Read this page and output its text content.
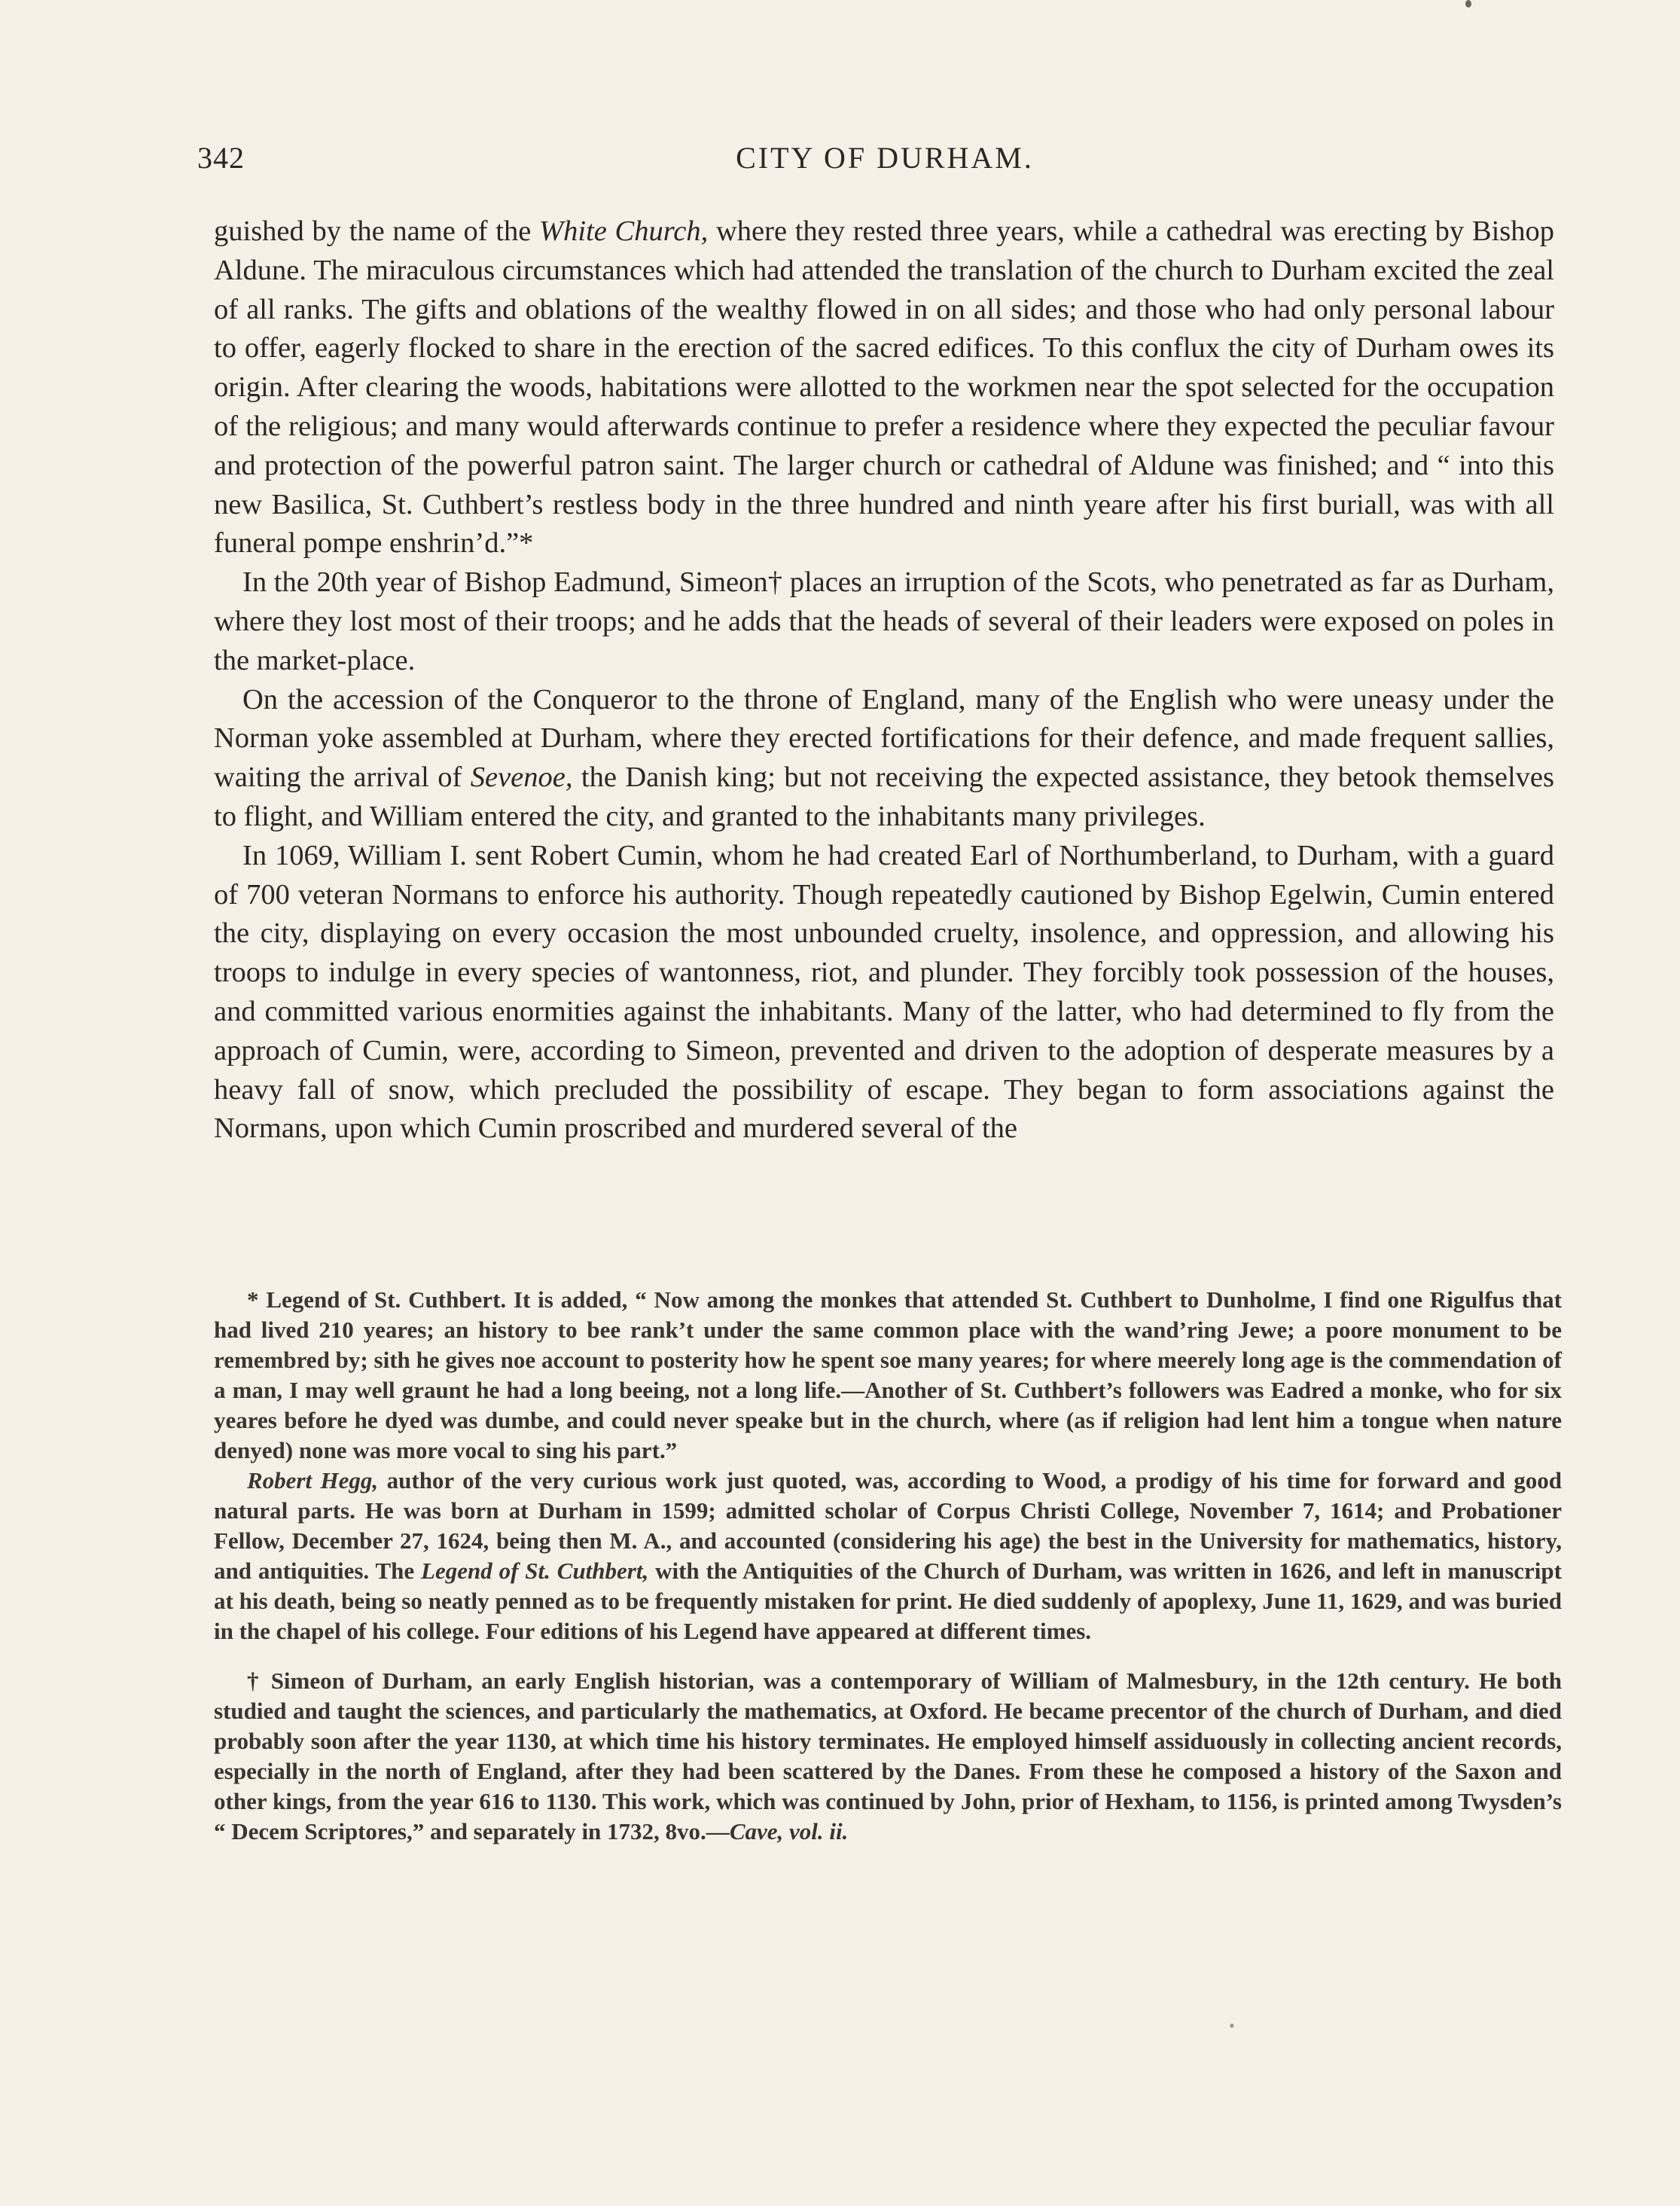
342	CITY OF DURHAM.

guished by the name of the White Church, where they rested three years, while a cathedral was erecting by Bishop Aldune. The miraculous circumstances which had attended the translation of the church to Durham excited the zeal of all ranks. The gifts and oblations of the wealthy flowed in on all sides; and those who had only personal labour to offer, eagerly flocked to share in the erection of the sacred edifices. To this conflux the city of Durham owes its origin. After clearing the woods, habitations were allotted to the workmen near the spot selected for the occupation of the religious; and many would afterwards continue to prefer a residence where they expected the peculiar favour and protection of the powerful patron saint. The larger church or cathedral of Aldune was finished; and “ into this new Basilica, St. Cuthbert’s restless body in the three hundred and ninth yeare after his first buriall, was with all funeral pompe enshrin’d.”*

In the 20th year of Bishop Eadmund, Simeon† places an irruption of the Scots, who penetrated as far as Durham, where they lost most of their troops; and he adds that the heads of several of their leaders were exposed on poles in the market-place.

On the accession of the Conqueror to the throne of England, many of the English who were uneasy under the Norman yoke assembled at Durham, where they erected fortifications for their defence, and made frequent sallies, waiting the arrival of Sevenoe, the Danish king; but not receiving the expected assistance, they betook themselves to flight, and William entered the city, and granted to the inhabitants many privileges.

In 1069, William I. sent Robert Cumin, whom he had created Earl of Northumberland, to Durham, with a guard of 700 veteran Normans to enforce his authority. Though repeatedly cautioned by Bishop Egelwin, Cumin entered the city, displaying on every occasion the most unbounded cruelty, insolence, and oppression, and allowing his troops to indulge in every species of wantonness, riot, and plunder. They forcibly took possession of the houses, and committed various enormities against the inhabitants. Many of the latter, who had determined to fly from the approach of Cumin, were, according to Simeon, prevented and driven to the adoption of desperate measures by a heavy fall of snow, which precluded the possibility of escape. They began to form associations against the Normans, upon which Cumin proscribed and murdered several of the

* Legend of St. Cuthbert. It is added, “ Now among the monkes that attended St. Cuthbert to Dunholme, I find one Rigulfus that had lived 210 yeares; an history to bee rank’t under the same common place with the wand’ring Jewe; a poore monument to be remembred by; sith he gives noe account to posterity how he spent soe many yeares; for where meerely long age is the commendation of a man, I may well graunt he had a long beeing, not a long life.—Another of St. Cuthbert’s followers was Eadred a monke, who for six yeares before he dyed was dumbe, and could never speake but in the church, where (as if religion had lent him a tongue when nature denyed) none was more vocal to sing his part.”

Robert Hegg, author of the very curious work just quoted, was, according to Wood, a prodigy of his time for forward and good natural parts. He was born at Durham in 1599; admitted scholar of Corpus Christi College, November 7, 1614; and Probationer Fellow, December 27, 1624, being then M. A., and accounted (considering his age) the best in the University for mathematics, history, and antiquities. The Legend of St. Cuthbert, with the Antiquities of the Church of Durham, was written in 1626, and left in manuscript at his death, being so neatly penned as to be frequently mistaken for print. He died suddenly of apoplexy, June 11, 1629, and was buried in the chapel of his college. Four editions of his Legend have appeared at different times.

† Simeon of Durham, an early English historian, was a contemporary of William of Malmesbury, in the 12th century. He both studied and taught the sciences, and particularly the mathematics, at Oxford. He became precentor of the church of Durham, and died probably soon after the year 1130, at which time his history terminates. He employed himself assiduously in collecting ancient records, especially in the north of England, after they had been scattered by the Danes. From these he composed a history of the Saxon and other kings, from the year 616 to 1130. This work, which was continued by John, prior of Hexham, to 1156, is printed among Twysden’s “ Decem Scriptores,” and separately in 1732, 8vo.—Cave, vol. ii.

•
